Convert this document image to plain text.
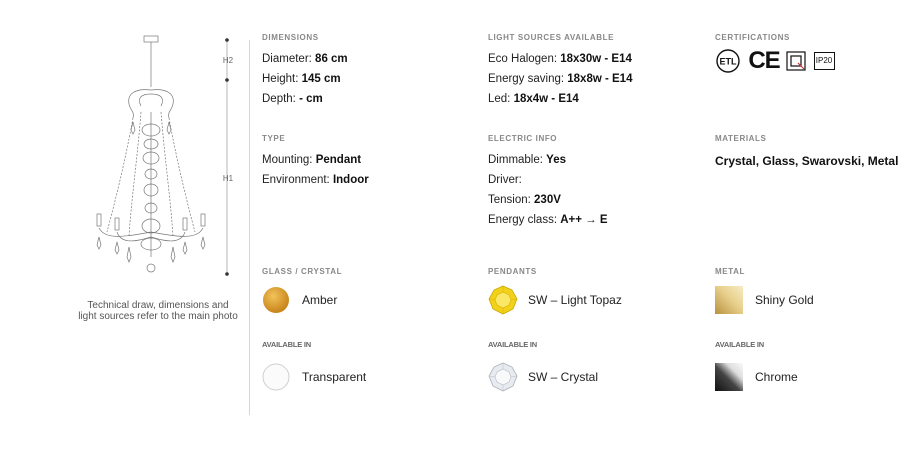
H2
H1
Technical draw, dimensions and light sources refer to the main photo
DIMENSIONS
Diameter: 86 cm
Height: 145 cm
Depth: - cm
LIGHT SOURCES AVAILABLE
Eco Halogen: 18x30w - E14
Energy saving: 18x8w - E14
Led: 18x4w - E14
CERTIFICATIONS
ETL CE	IP20
TYPE
Mounting: Pendant
Environment: Indoor
ELECTRIC INFO
Dimmable: Yes
Driver:
Tension: 230V
Energy class: A++ → E
MATERIALS
Crystal, Glass, Swarovski, Metal
GLASS / CRYSTAL
Amber
AVAILABLE IN
Transparent
PENDANTS
SW – Light Topaz
AVAILABLE IN
SW – Crystal
METAL
Shiny Gold
AVAILABLE IN
Chrome
